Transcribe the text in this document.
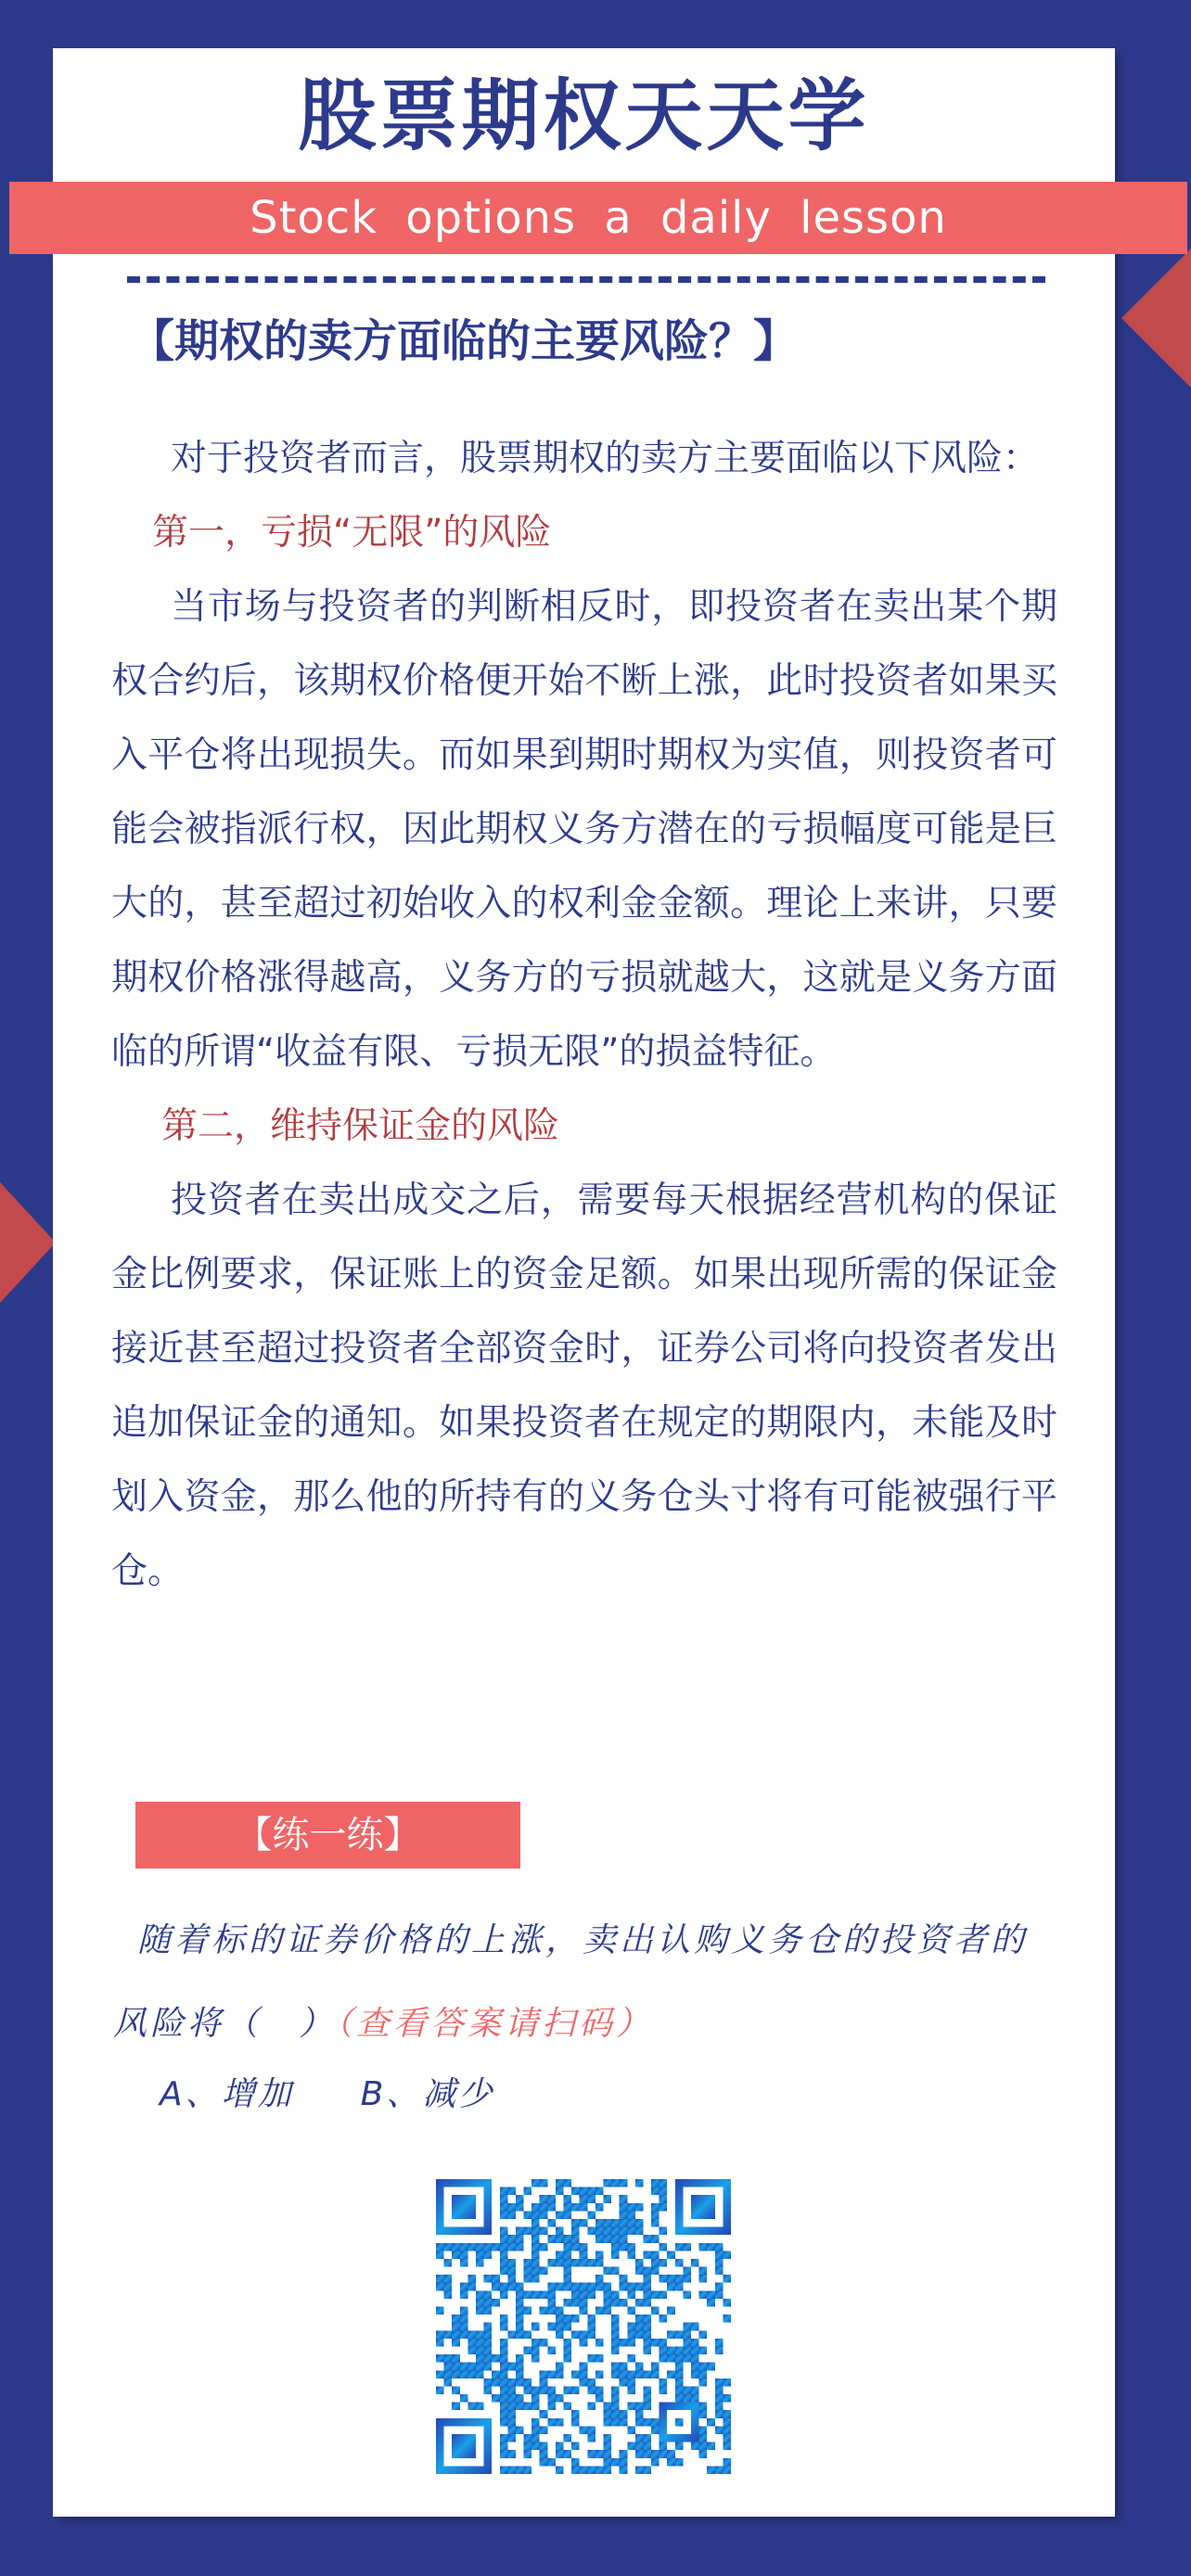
股票期权天天学
Stock options a daily lesson
【期权的卖方面临的主要风险？】

对于投资者而言，股票期权的卖方主要面临以下风险：

第一，亏损“无限”的风险

当市场与投资者的判断相反时，即投资者在卖出某个期权合约后，该期权价格便开始不断上涨，此时投资者如果买入平仓将出现损失。而如果到期时期权为实值，则投资者可能会被指派行权，因此期权义务方潜在的亏损幅度可能是巨大的，甚至超过初始收入的权利金金额。理论上来讲，只要期权价格涨得越高，义务方的亏损就越大，这就是义务方面临的所谓“收益有限、亏损无限”的损益特征。

第二，维持保证金的风险

投资者在卖出成交之后，需要每天根据经营机构的保证金比例要求，保证账上的资金足额。如果出现所需的保证金接近甚至超过投资者全部资金时，证券公司将向投资者发出追加保证金的通知。如果投资者在规定的期限内，未能及时划入资金，那么他的所持有的义务仓头寸将有可能被强行平仓。

【练一练】

随着标的证券价格的上涨，卖出认购义务仓的投资者的风险将（　）（查看答案请扫码）

A、增加 B、减少
